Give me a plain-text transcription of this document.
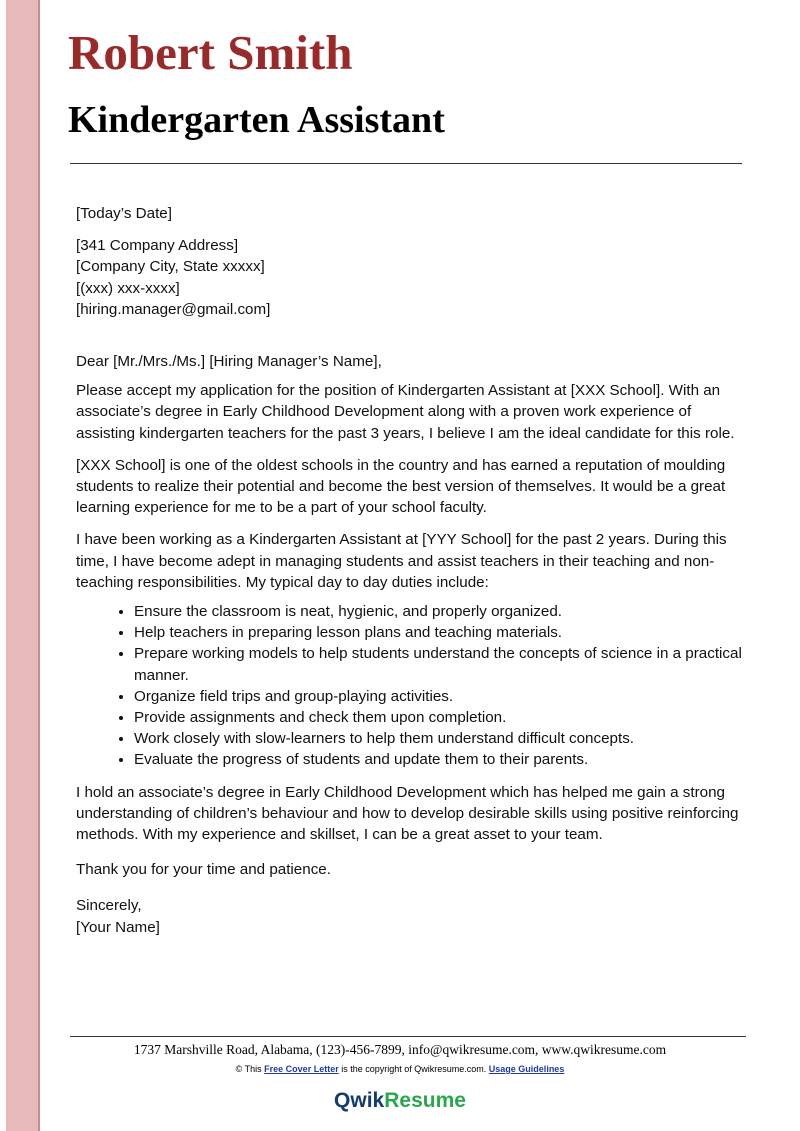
Robert Smith
Kindergarten Assistant

[Today’s Date]

[341 Company Address]
[Company City, State xxxxx]
[(xxx) xxx-xxxx]
[hiring.manager@gmail.com]

Dear [Mr./Mrs./Ms.] [Hiring Manager’s Name],

Please accept my application for the position of Kindergarten Assistant at [XXX School]. With an associate’s degree in Early Childhood Development along with a proven work experience of assisting kindergarten teachers for the past 3 years, I believe I am the ideal candidate for this role.

[XXX School] is one of the oldest schools in the country and has earned a reputation of moulding students to realize their potential and become the best version of themselves. It would be a great learning experience for me to be a part of your school faculty.

I have been working as a Kindergarten Assistant at [YYY School] for the past 2 years. During this time, I have become adept in managing students and assist teachers in their teaching and non-teaching responsibilities. My typical day to day duties include:

• Ensure the classroom is neat, hygienic, and properly organized.
• Help teachers in preparing lesson plans and teaching materials.
• Prepare working models to help students understand the concepts of science in a practical manner.
• Organize field trips and group-playing activities.
• Provide assignments and check them upon completion.
• Work closely with slow-learners to help them understand difficult concepts.
• Evaluate the progress of students and update them to their parents.

I hold an associate’s degree in Early Childhood Development which has helped me gain a strong understanding of children’s behaviour and how to develop desirable skills using positive reinforcing methods. With my experience and skillset, I can be a great asset to your team.

Thank you for your time and patience.

Sincerely,
[Your Name]
1737 Marshville Road, Alabama, (123)-456-7899, info@qwikresume.com, www.qwikresume.com
© This Free Cover Letter is the copyright of Qwikresume.com. Usage Guidelines
QwikResume
